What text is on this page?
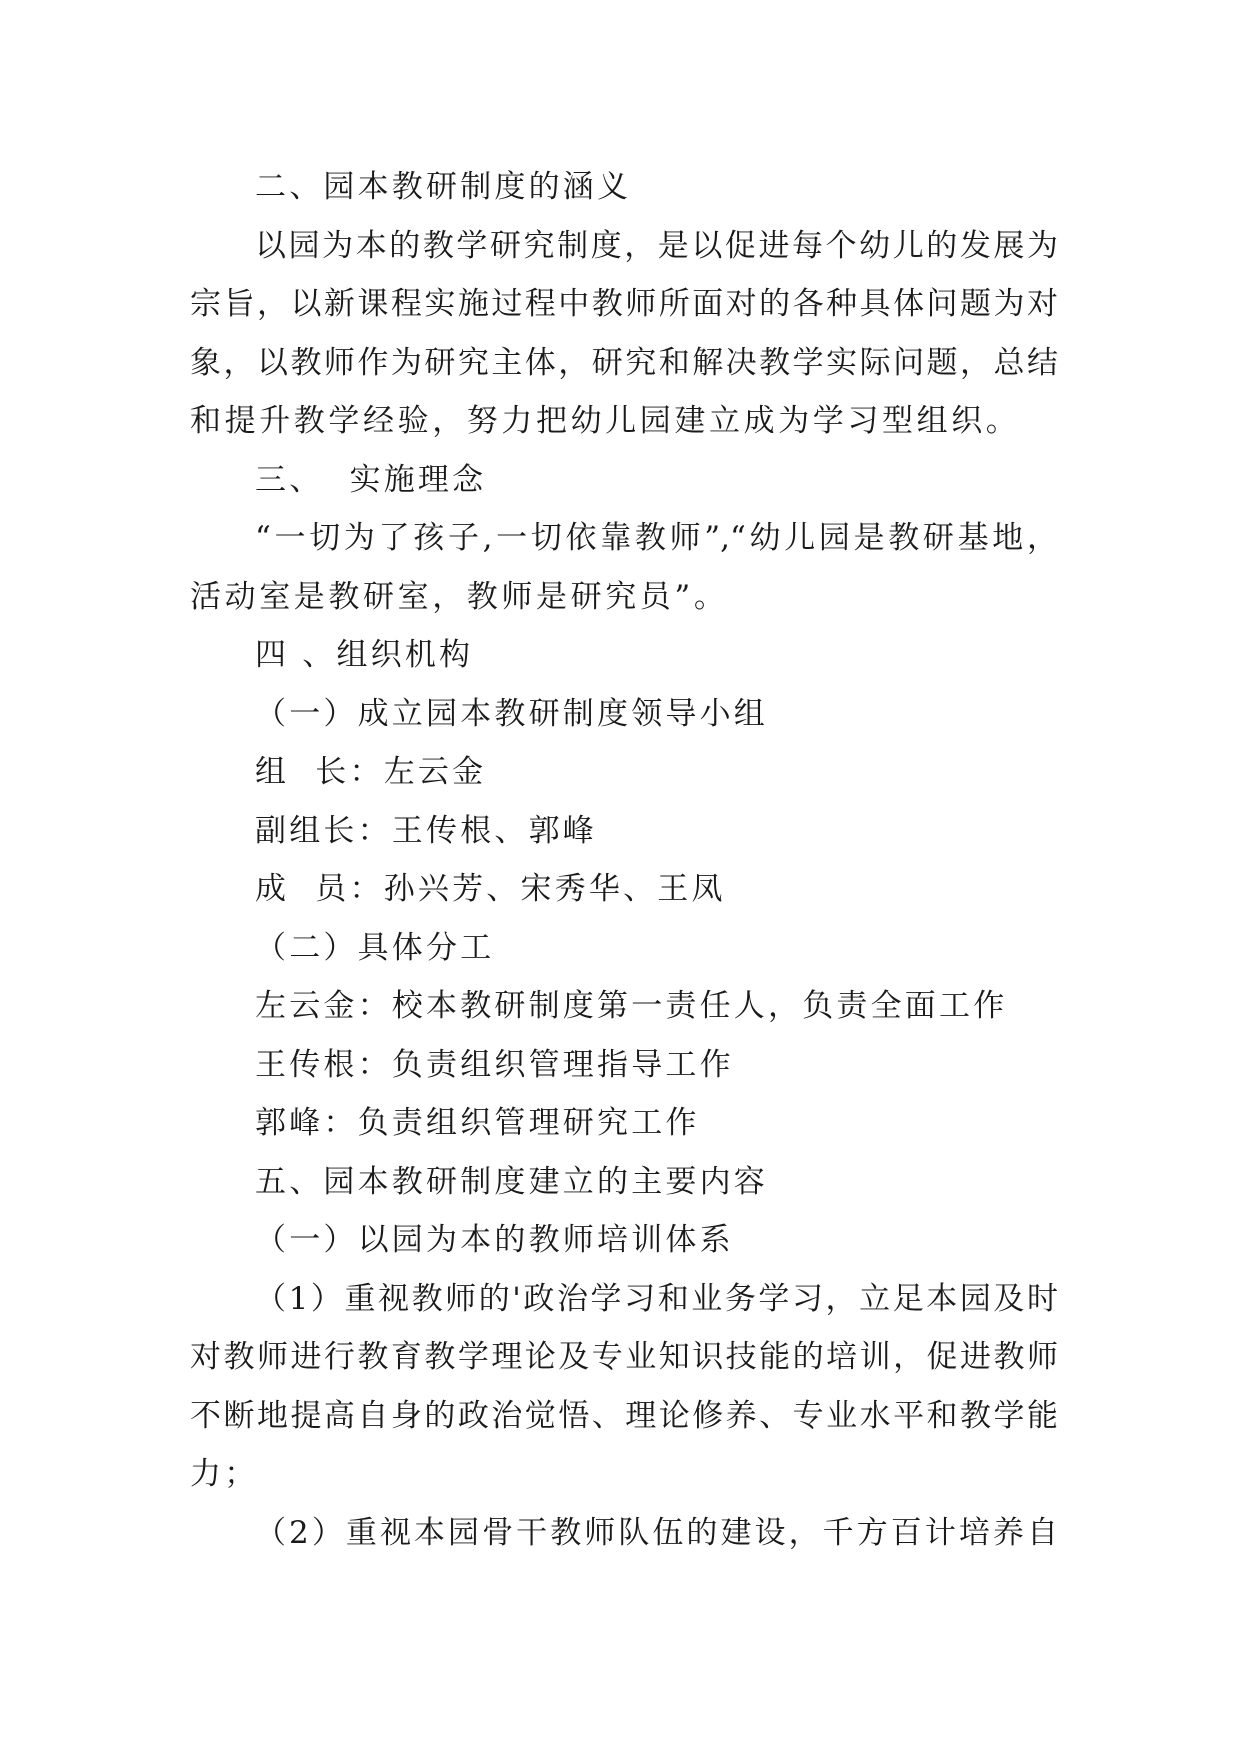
二、园本教研制度的涵义
以园为本的教学研究制度，是以促进每个幼儿的发展为
宗旨，以新课程实施过程中教师所面对的各种具体问题为对
象，以教师作为研究主体，研究和解决教学实际问题，总结
和提升教学经验，努力把幼儿园建立成为学习型组织。
三、  实施理念
“一切为了孩子,一切依靠教师”,“幼儿园是教研基地，
活动室是教研室，教师是研究员”。
四 、组织机构
（一）成立园本教研制度领导小组
组  长：左云金
副组长：王传根、郭峰
成  员：孙兴芳、宋秀华、王凤
（二）具体分工
左云金：校本教研制度第一责任人，负责全面工作
王传根：负责组织管理指导工作
郭峰：负责组织管理研究工作
五、园本教研制度建立的主要内容
（一）以园为本的教师培训体系
（1）重视教师的'政治学习和业务学习，立足本园及时
对教师进行教育教学理论及专业知识技能的培训，促进教师
不断地提高自身的政治觉悟、理论修养、专业水平和教学能
力；
（2）重视本园骨干教师队伍的建设，千方百计培养自
